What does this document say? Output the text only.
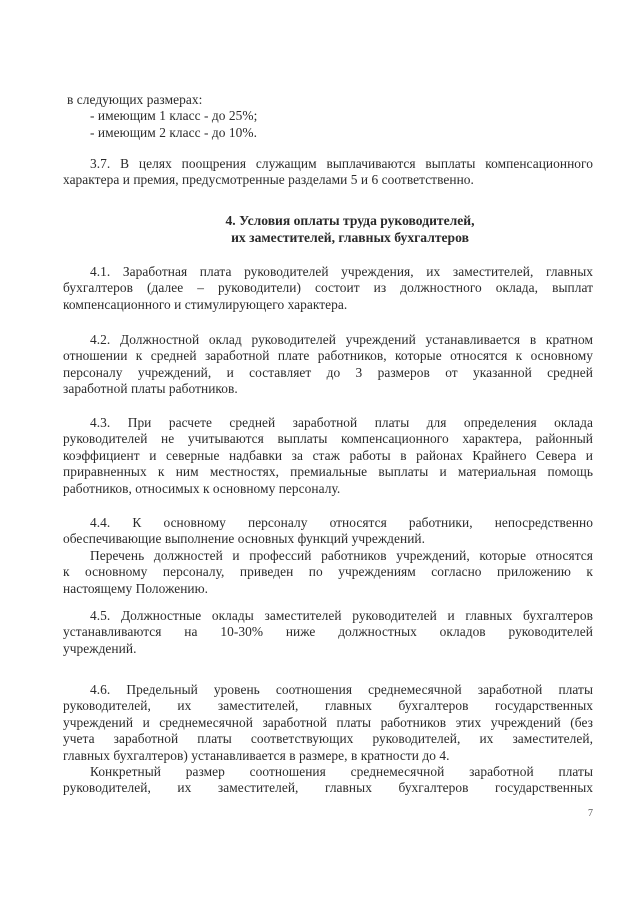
в следующих размерах:
- имеющим 1 класс - до 25%;
- имеющим 2 класс - до 10%.
3.7. В целях поощрения служащим выплачиваются выплаты компенсационного
характера и премия, предусмотренные разделами 5 и 6 соответственно.
4. Условия оплаты труда руководителей,
их заместителей, главных бухгалтеров
4.1. Заработная плата руководителей учреждения, их заместителей, главных
бухгалтеров (далее – руководители) состоит из должностного оклада, выплат
компенсационного и стимулирующего характера.
4.2. Должностной оклад руководителей учреждений устанавливается в кратном
отношении к средней заработной плате работников, которые относятся к основному
персоналу учреждений, и составляет до 3 размеров от указанной средней
заработной платы работников.
4.3. При расчете средней заработной платы для определения оклада
руководителей не учитываются выплаты компенсационного характера, районный
коэффициент и северные надбавки за стаж работы в районах Крайнего Севера и
приравненных к ним местностях, премиальные выплаты и материальная помощь
работников, относимых к основному персоналу.
4.4. К основному персоналу относятся работники, непосредственно
обеспечивающие выполнение основных функций учреждений.
Перечень должностей и профессий работников учреждений, которые относятся
к основному персоналу, приведен по учреждениям согласно приложению к
настоящему Положению.
4.5. Должностные оклады заместителей руководителей и главных бухгалтеров
устанавливаются на 10-30% ниже должностных окладов руководителей
учреждений.
4.6. Предельный уровень соотношения среднемесячной заработной платы
руководителей, их заместителей, главных бухгалтеров государственных
учреждений и среднемесячной заработной платы работников этих учреждений (без
учета заработной платы соответствующих руководителей, их заместителей,
главных бухгалтеров) устанавливается в размере, в кратности до 4.
Конкретный размер соотношения среднемесячной заработной платы
руководителей, их заместителей, главных бухгалтеров государственных
7
